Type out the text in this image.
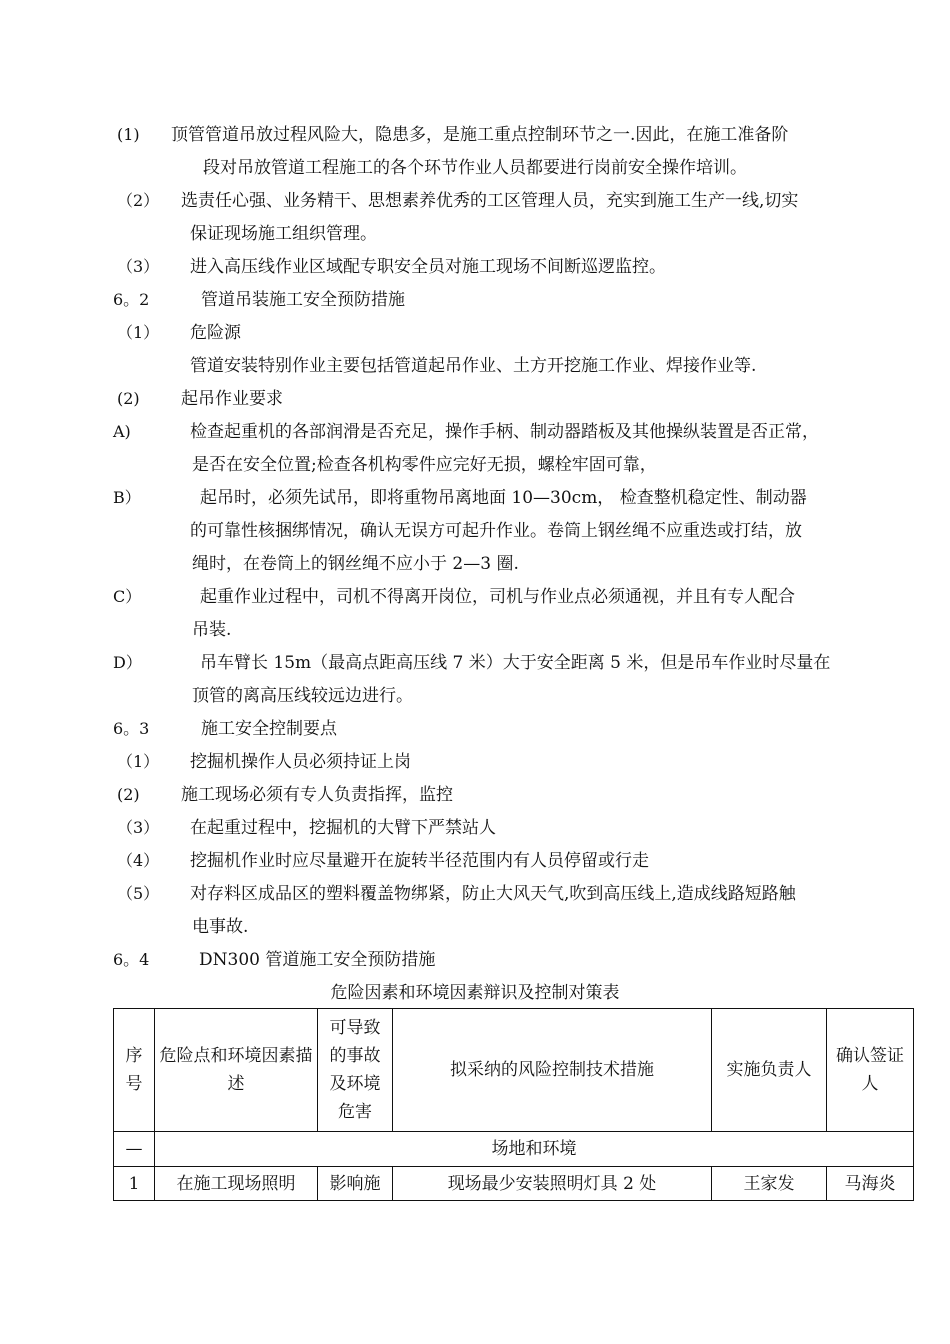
(1) 顶管管道吊放过程风险大，隐患多，是施工重点控制环节之一.因此，在施工准备阶
段对吊放管道工程施工的各个环节作业人员都要进行岗前安全操作培训。
（2） 选责任心强、业务精干、思想素养优秀的工区管理人员，充实到施工生产一线,切实
保证现场施工组织管理。
（3） 进入高压线作业区域配专职安全员对施工现场不间断巡逻监控。
6。2	管道吊装施工安全预防措施
（1） 危险源
管道安装特别作业主要包括管道起吊作业、土方开挖施工作业、焊接作业等.
(2) 起吊作业要求
A)	检查起重机的各部润滑是否充足，操作手柄、制动器踏板及其他操纵装置是否正常，
是否在安全位置;检查各机构零件应完好无损，螺栓牢固可靠，
B）	起吊时，必须先试吊，即将重物吊离地面 10—30cm， 检查整机稳定性、制动器
的可靠性核捆绑情况，确认无误方可起升作业。卷筒上钢丝绳不应重迭或打结，放
绳时，在卷筒上的钢丝绳不应小于 2—3 圈.
C）	起重作业过程中，司机不得离开岗位，司机与作业点必须通视，并且有专人配合
吊装.
D）	吊车臂长 15m（最高点距高压线 7 米）大于安全距离 5 米，但是吊车作业时尽量在
顶管的离高压线较远边进行。
6。3	施工安全控制要点
（1） 挖掘机操作人员必须持证上岗
(2) 施工现场必须有专人负责指挥，监控
（3） 在起重过程中，挖掘机的大臂下严禁站人
（4） 挖掘机作业时应尽量避开在旋转半径范围内有人员停留或行走
（5） 对存料区成品区的塑料覆盖物绑紧，防止大风天气,吹到高压线上,造成线路短路触
电事故.
6。4	DN300 管道施工安全预防措施
危险因素和环境因素辩识及控制对策表
序号	危险点和环境因素描述	可导致的事故及环境危害	拟采纳的风险控制技术措施	实施负责人	确认签证人
—	场地和环境				
1	在施工现场照明	影响施	现场最少安装照明灯具 2 处	王家发	马海炎
